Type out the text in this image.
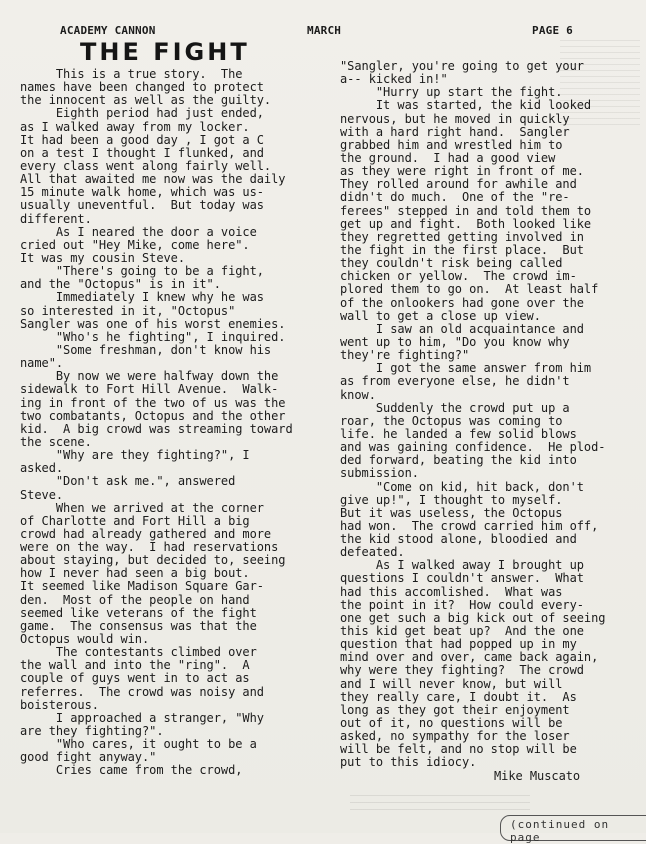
ACADEMY CANNON	MARCH	PAGE 6
THE FIGHT
This is a true story.  The
names have been changed to protect
the innocent as well as the guilty.
Eighth period had just ended,
as I walked away from my locker.
It had been a good day , I got a C
on a test I thought I flunked, and
every class went along fairly well.
All that awaited me now was the daily
15 minute walk home, which was us-
usually uneventful.  But today was
different.
As I neared the door a voice
cried out "Hey Mike, come here".
It was my cousin Steve.
"There's going to be a fight,
and the "Octopus" is in it".
Immediately I knew why he was
so interested in it, "Octopus"
Sangler was one of his worst enemies.
"Who's he fighting", I inquired.
"Some freshman, don't know his
name".
By now we were halfway down the
sidewalk to Fort Hill Avenue.  Walk-
ing in front of the two of us was the
two combatants, Octopus and the other
kid.  A big crowd was streaming toward
the scene.
"Why are they fighting?", I
asked.
"Don't ask me.", answered
Steve.
When we arrived at the corner
of Charlotte and Fort Hill a big
crowd had already gathered and more
were on the way.  I had reservations
about staying, but decided to, seeing
how I never had seen a big bout.
It seemed like Madison Square Gar-
den.  Most of the people on hand
seemed like veterans of the fight
game.  The consensus was that the
Octopus would win.
The contestants climbed over
the wall and into the "ring".  A
couple of guys went in to act as
referres.  The crowd was noisy and
boisterous.
I approached a stranger, "Why
are they fighting?".
"Who cares, it ought to be a
good fight anyway."
Cries came from the crowd,
"Sangler, you're going to get your
a-- kicked in!"
"Hurry up start the fight.
It was started, the kid looked
nervous, but he moved in quickly
with a hard right hand.  Sangler
grabbed him and wrestled him to
the ground.  I had a good view
as they were right in front of me.
They rolled around for awhile and
didn't do much.  One of the "re-
ferees" stepped in and told them to
get up and fight.  Both looked like
they regretted getting involved in
the fight in the first place.  But
they couldn't risk being called
chicken or yellow.  The crowd im-
plored them to go on.  At least half
of the onlookers had gone over the
wall to get a close up view.
I saw an old acquaintance and
went up to him, "Do you know why
they're fighting?"
I got the same answer from him
as from everyone else, he didn't
know.
Suddenly the crowd put up a
roar, the Octopus was coming to
life. he landed a few solid blows
and was gaining confidence.  He plod-
ded forward, beating the kid into
submission.
"Come on kid, hit back, don't
give up!", I thought to myself.
But it was useless, the Octopus
had won.  The crowd carried him off,
the kid stood alone, bloodied and
defeated.
As I walked away I brought up
questions I couldn't answer.  What
had this accomlished.  What was
the point in it?  How could every-
one get such a big kick out of seeing
this kid get beat up?  And the one
question that had popped up in my
mind over and over, came back again,
why were they fighting?  The crowd
and I will never know, but will
they really care, I doubt it.  As
long as they got their enjoyment
out of it, no questions will be
asked, no sympathy for the loser
will be felt, and no stop will be
put to this idiocy.
Mike Muscato
(continued on page
